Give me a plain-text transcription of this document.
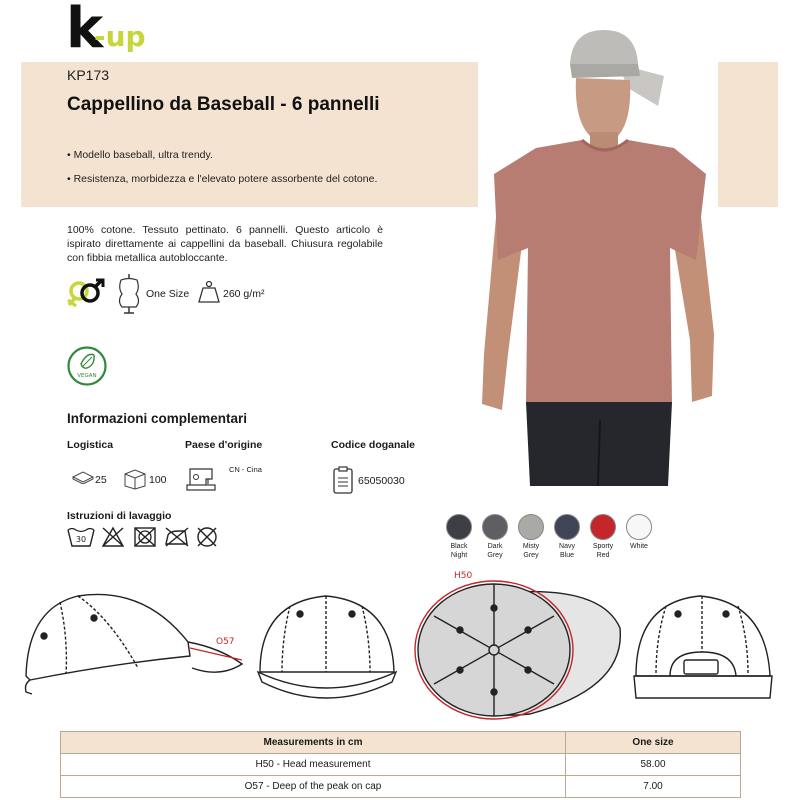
k
-up
KP173
Cappellino da Baseball - 6 pannelli
• Modello baseball, ultra trendy.
• Resistenza, morbidezza e l'elevato potere assorbente del cotone.
100% cotone. Tessuto pettinato. 6 pannelli. Questo articolo è ispirato direttamente ai cappellini da baseball. Chiusura regolabile con fibbia metallica autobloccante.
One Size	260 g/m²
VEGAN
Informazioni complementari
Logistica	Paese d'origine	Codice doganale
25	100
CN - Cina
65050030
Istruzioni di lavaggio
30
Black
Night
Dark
Grey
Misty
Grey
Navy
Blue
Sporty
Red
White

O57
H50
Measurements in cm	One size
H50 - Head measurement	58.00
O57 - Deep of the peak on cap	7.00
